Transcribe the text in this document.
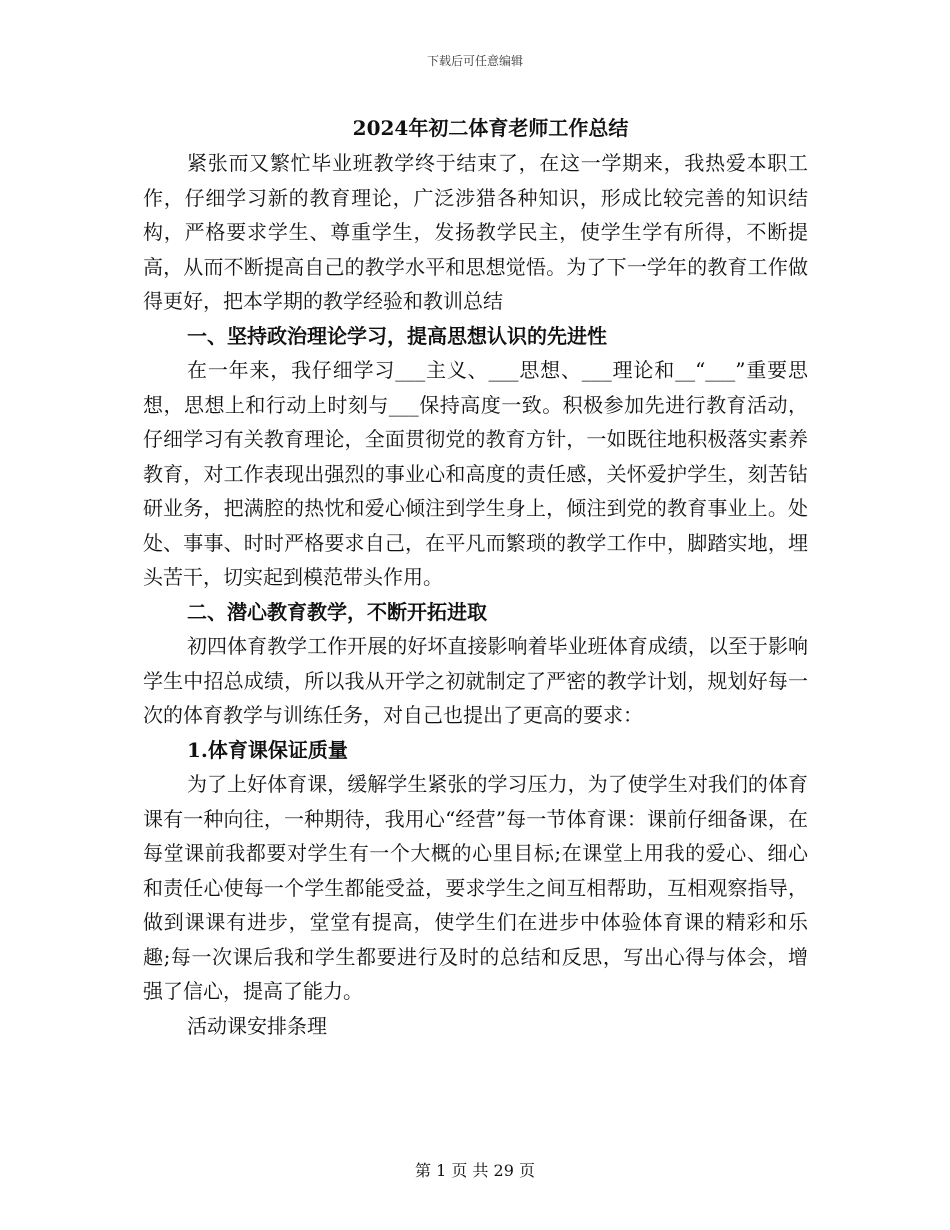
下载后可任意编辑
2024年初二体育老师工作总结

紧张而又繁忙毕业班教学终于结束了，在这一学期来，我热爱本职工作，仔细学习新的教育理论，广泛涉猎各种知识，形成比较完善的知识结构，严格要求学生、尊重学生，发扬教学民主，使学生学有所得，不断提高，从而不断提高自己的教学水平和思想觉悟。为了下一学年的教育工作做得更好，把本学期的教学经验和教训总结

一、坚持政治理论学习，提高思想认识的先进性

在一年来，我仔细学习___主义、___思想、___理论和__“___”重要思想，思想上和行动上时刻与___保持高度一致。积极参加先进行教育活动，仔细学习有关教育理论，全面贯彻党的教育方针，一如既往地积极落实素养教育，对工作表现出强烈的事业心和高度的责任感，关怀爱护学生，刻苦钻研业务，把满腔的热忱和爱心倾注到学生身上，倾注到党的教育事业上。处处、事事、时时严格要求自己，在平凡而繁琐的教学工作中，脚踏实地，埋头苦干，切实起到模范带头作用。

二、潜心教育教学，不断开拓进取

初四体育教学工作开展的好坏直接影响着毕业班体育成绩，以至于影响学生中招总成绩，所以我从开学之初就制定了严密的教学计划，规划好每一次的体育教学与训练任务，对自己也提出了更高的要求：

1.体育课保证质量

为了上好体育课，缓解学生紧张的学习压力，为了使学生对我们的体育课有一种向往，一种期待，我用心“经营”每一节体育课：课前仔细备课，在每堂课前我都要对学生有一个大概的心里目标;在课堂上用我的爱心、细心和责任心使每一个学生都能受益，要求学生之间互相帮助，互相观察指导，做到课课有进步，堂堂有提高，使学生们在进步中体验体育课的精彩和乐趣;每一次课后我和学生都要进行及时的总结和反思，写出心得与体会，增强了信心，提高了能力。

活动课安排条理

第 1 页 共 29 页
